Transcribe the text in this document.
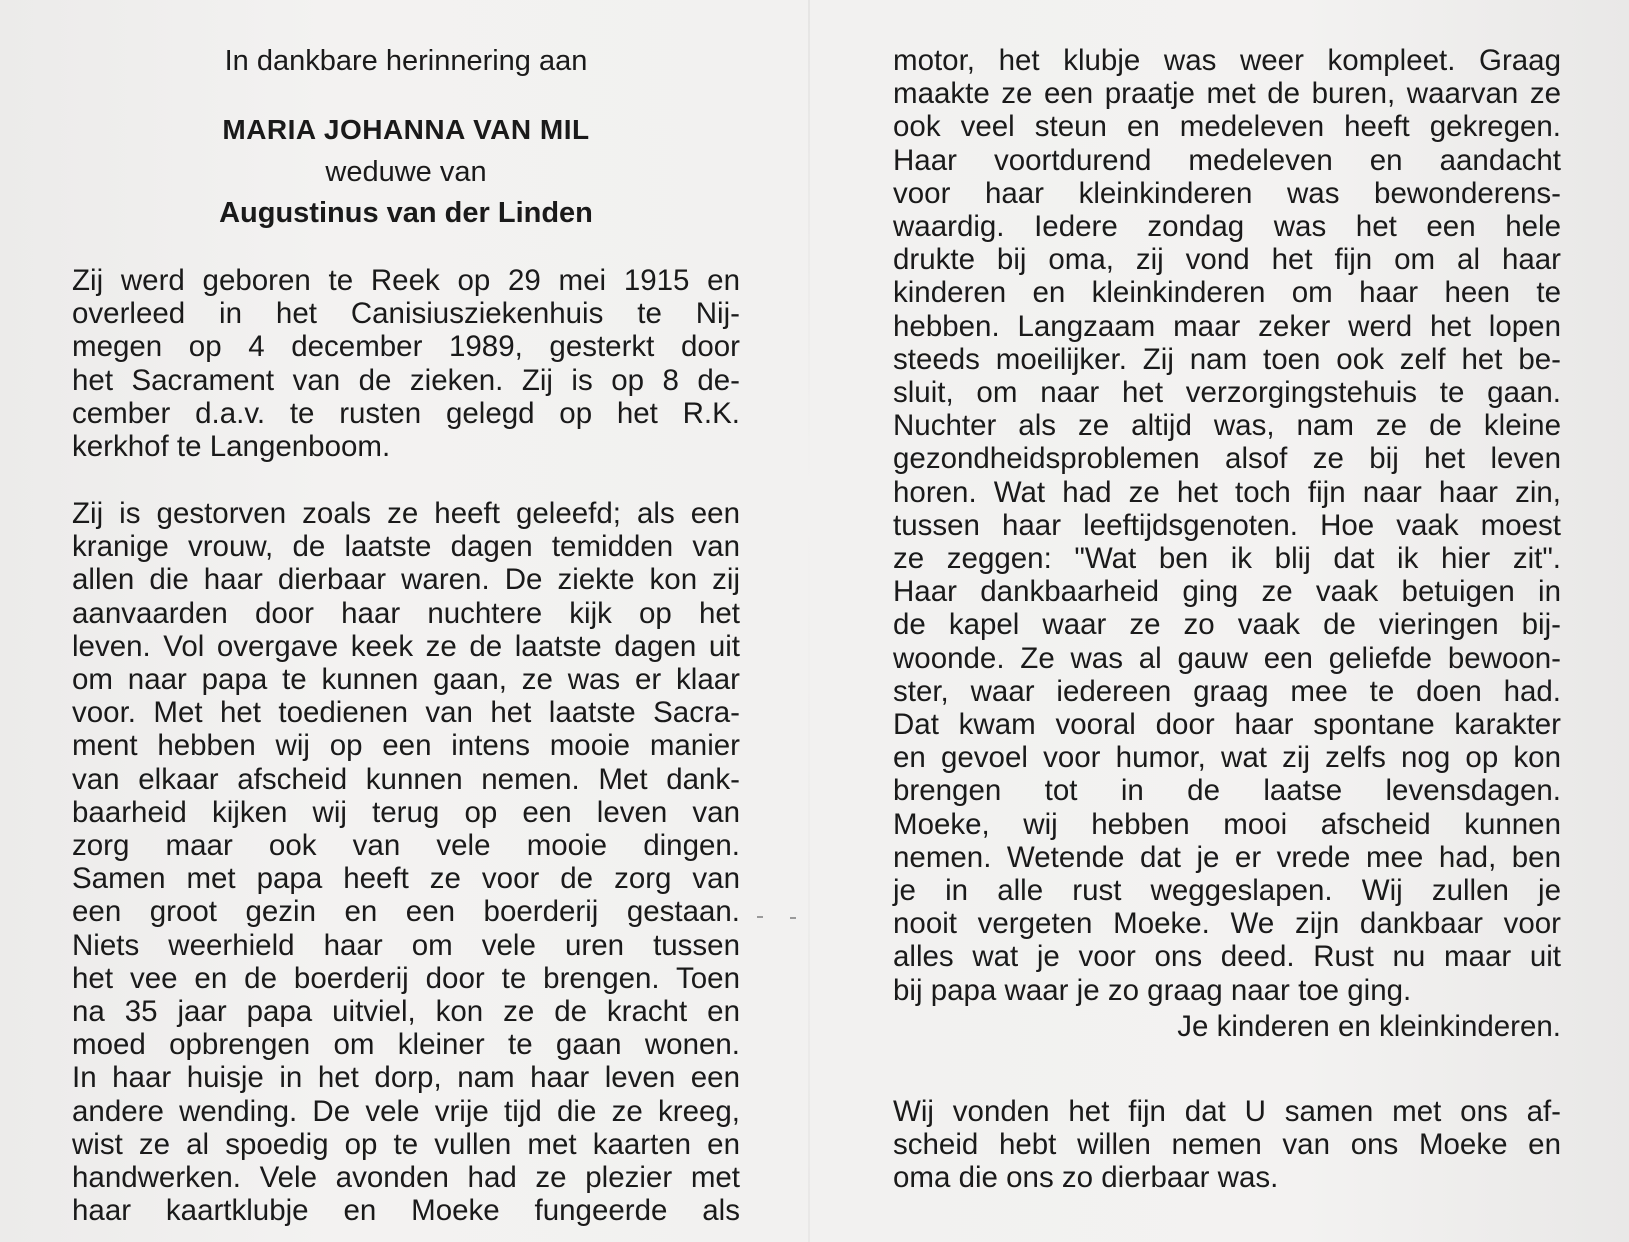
In dankbare herinnering aan
MARIA JOHANNA VAN MIL
weduwe van
Augustinus van der Linden

Zij werd geboren te Reek op 29 mei 1915 en

overleed in het Canisiusziekenhuis te Nij-

megen op 4 december 1989, gesterkt door

het Sacrament van de zieken. Zij is op 8 de-

cember d.a.v. te rusten gelegd op het R.K.

kerkhof te Langenboom.

Zij is gestorven zoals ze heeft geleefd; als een

kranige vrouw, de laatste dagen temidden van

allen die haar dierbaar waren. De ziekte kon zij

aanvaarden door haar nuchtere kijk op het

leven. Vol overgave keek ze de laatste dagen uit

om naar papa te kunnen gaan, ze was er klaar

voor. Met het toedienen van het laatste Sacra-

ment hebben wij op een intens mooie manier

van elkaar afscheid kunnen nemen. Met dank-

baarheid kijken wij terug op een leven van

zorg maar ook van vele mooie dingen.

Samen met papa heeft ze voor de zorg van

een groot gezin en een boerderij gestaan.

Niets weerhield haar om vele uren tussen

het vee en de boerderij door te brengen. Toen

na 35 jaar papa uitviel, kon ze de kracht en

moed opbrengen om kleiner te gaan wonen.

In haar huisje in het dorp, nam haar leven een

andere wending. De vele vrije tijd die ze kreeg,

wist ze al spoedig op te vullen met kaarten en

handwerken. Vele avonden had ze plezier met

haar kaartklubje en Moeke fungeerde als

motor, het klubje was weer kompleet. Graag

maakte ze een praatje met de buren, waarvan ze

ook veel steun en medeleven heeft gekregen.

Haar voortdurend medeleven en aandacht

voor haar kleinkinderen was bewonderens-

waardig. Iedere zondag was het een hele

drukte bij oma, zij vond het fijn om al haar

kinderen en kleinkinderen om haar heen te

hebben. Langzaam maar zeker werd het lopen

steeds moeilijker. Zij nam toen ook zelf het be-

sluit, om naar het verzorgingstehuis te gaan.

Nuchter als ze altijd was, nam ze de kleine

gezondheidsproblemen alsof ze bij het leven

horen. Wat had ze het toch fijn naar haar zin,

tussen haar leeftijdsgenoten. Hoe vaak moest

ze zeggen: "Wat ben ik blij dat ik hier zit".

Haar dankbaarheid ging ze vaak betuigen in

de kapel waar ze zo vaak de vieringen bij-

woonde. Ze was al gauw een geliefde bewoon-

ster, waar iedereen graag mee te doen had.

Dat kwam vooral door haar spontane karakter

en gevoel voor humor, wat zij zelfs nog op kon

brengen tot in de laatse levensdagen.

Moeke, wij hebben mooi afscheid kunnen

nemen. Wetende dat je er vrede mee had, ben

je in alle rust weggeslapen. Wij zullen je

nooit vergeten Moeke. We zijn dankbaar voor

alles wat je voor ons deed. Rust nu maar uit

bij papa waar je zo graag naar toe ging.

Je kinderen en kleinkinderen.

Wij vonden het fijn dat U samen met ons af-

scheid hebt willen nemen van ons Moeke en

oma die ons zo dierbaar was.
